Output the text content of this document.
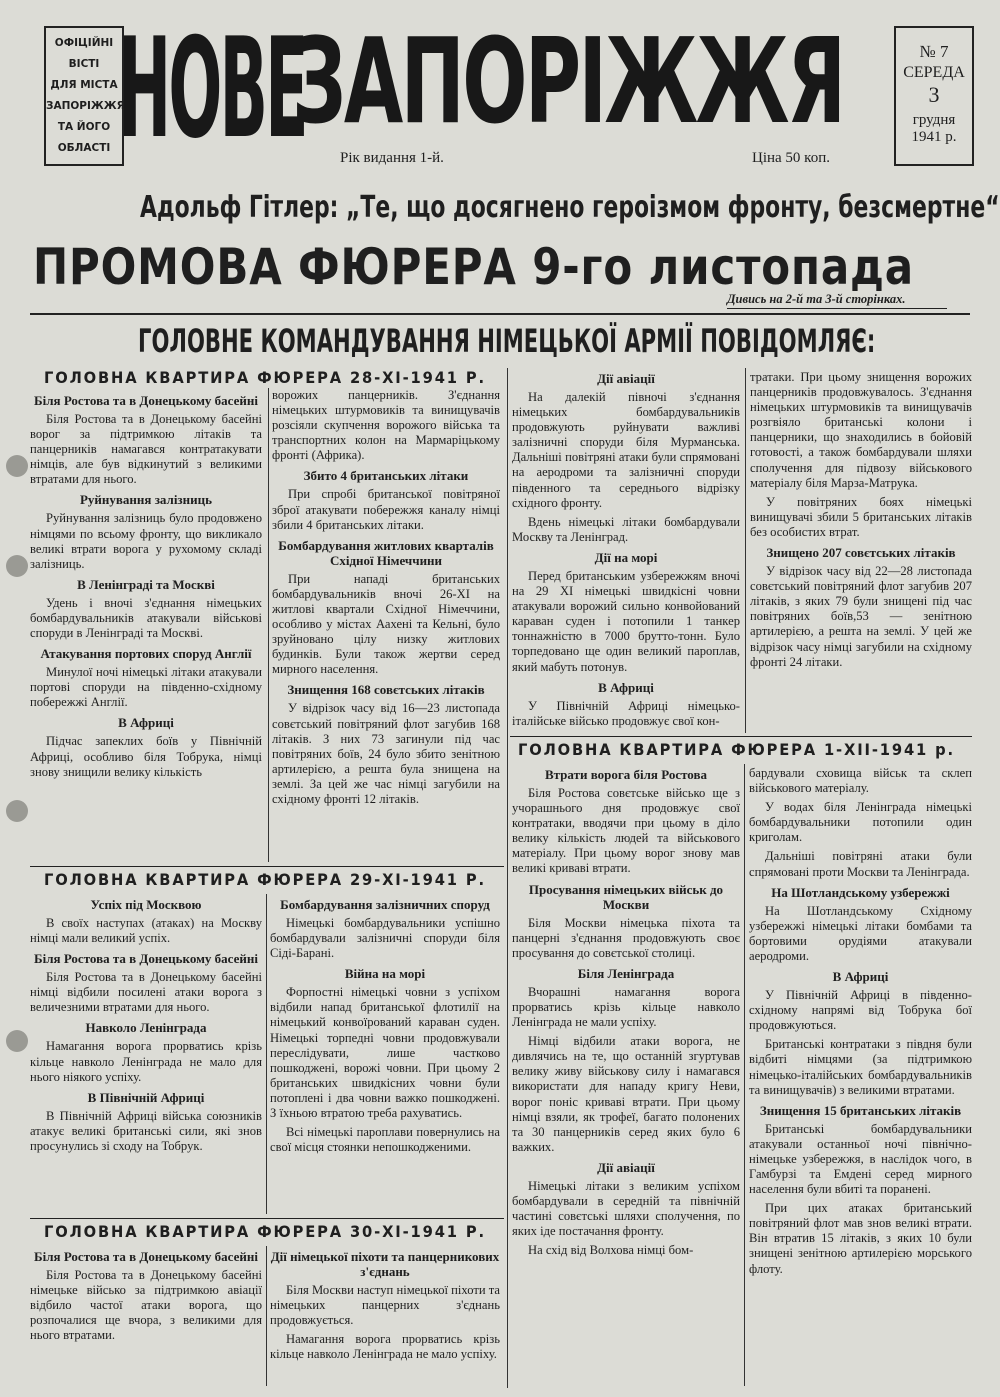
ОФІЦІЙНІ
ВІСТІ
ДЛЯ МІСТА
ЗАПОРІЖЖЯ
ТА ЙОГО
ОБЛАСТІ НОВЕ
ЗАПОРІЖЖЯ
Рік видання 1-й.	Ціна 50 коп.
№ 7
СЕРЕДА
3
грудня
1941 р.
Адольф Гітлер: „Те, що досягнено героізмом фронту, безсмертне“
ПРОМОВА ФЮРЕРА 9-го листопада
Дивись на 2-й та 3-й сторінках.
ГОЛОВНЕ КОМАНДУВАННЯ НІМЕЦЬКОЇ АРМІЇ ПОВІДОМЛЯЄ:
ГОЛОВНА КВАРТИРА ФЮРЕРА 28-ХІ-1941 Р.
Біля Ростова та в Донецькому басейні

Біля Ростова та в Донецькому басейні ворог за підтримкою літаків та панцерників намагався контратакувати німців, але був відкинутий з великими втратами для нього.

Руйнування залізниць

Руйнування залізниць було продовжено німцями по всьому фронту, що викликало великі втрати ворога у рухомому складі залізниць.

В Ленінграді та Москві

Удень і вночі з'єднання німецьких бомбардувальників атакували військові споруди в Ленінграді та Москві.

Атакування портових споруд Англії

Минулої ночі німецькі літаки атакували портові споруди на південно-східному побережжі Англії.

В Африці

Підчас запеклих боїв у Північній Африці, особливо біля Тобрука, німці знову знищили велику кількість

ворожих панцерників. З'єднання німецьких штурмовиків та винищувачів розсіяли скупчення ворожого війська та транспортних колон на Мармаріцькому фронті (Африка).

Збито 4 британських літаки

При спробі британської повітряної зброї атакувати побережжя каналу німці збили 4 британських літаки.

Бомбардування житлових кварталів Східної Німеччини

При нападі британських бомбардувальників вночі 26-ХІ на житлові квартали Східної Німеччини, особливо у містах Аахені та Кельні, було зруйновано цілу низку житлових будинків. Були також жертви серед мирного населення.

Знищення 168 совєтських літаків

У відрізок часу від 16—23 листопада совєтський повітряний флот загубив 168 літаків. З них 73 загинули під час повітряних боїв, 24 було збито зенітною артилерією, а решта була знищена на землі. За цей же час німці загубили на східному фронті 12 літаків.

Дії авіації

На далекій півночі з'єднання німецьких бомбардувальників продовжують руйнувати важливі залізничні споруди біля Мурманська. Дальніші повітряні атаки були спрямовані на аеродроми та залізничні споруди південного та середнього відрізку східного фронту.

Вдень німецькі літаки бомбардували Москву та Ленінград.

Дії на морі

Перед британським узбережжям вночі на 29 ХІ німецькі швидкісні човни атакували ворожий сильно конвойований караван суден і потопили 1 танкер тоннажністю в 7000 брутто-тонн. Було торпедовано ще один великий пароплав, який мабуть потонув.

В Африці

У Північній Африці німецько-італійське військо продовжує свої кон-

тратаки. При цьому знищення ворожих панцерників продовжувалось. З'єднання німецьких штурмовиків та винищувачів розгвіяло британські колони і панцерники, що знаходились в бойовій готовості, а також бомбардували шляхи сполучення для підвозу військового матеріалу біля Марза-Матрука.

У повітряних боях німецькі винищувачі збили 5 британських літаків без особистих втрат.

Знищено 207 совєтських літаків

У відрізок часу від 22—28 листопада совєтський повітряний флот загубив 207 літаків, з яких 79 були знищені під час повітряних боїв,53 — зенітною артилерією, а решта на землі. У цей же відрізок часу німці загубили на східному фронті 24 літаки.

ГОЛОВНА КВАРТИРА ФЮРЕРА 29-ХІ-1941 Р.
Успіх під Москвою

В своїх наступах (атаках) на Москву німці мали великий успіх.

Біля Ростова та в Донецькому басейні

Біля Ростова та в Донецькому басейні німці відбили посилені атаки ворога з величезними втратами для нього.

Навколо Ленінграда

Намагання ворога прорватись крізь кільце навколо Ленінграда не мало для нього ніякого успіху.

В Північній Африці

В Північній Африці війська союзників атакує великі британські сили, які знов просунулись зі сходу на Тобрук.

Бомбардування залізничних споруд

Німецькі бомбардувальники успішно бомбардували залізничні споруди біля Сіді-Барані.

Війна на морі

Форпостні німецькі човни з успіхом відбили напад британської флотилії на німецький конвоїрований караван суден. Німецькі торпедні човни продовжували переслідувати, лише частково пошкоджені, ворожі човни. При цьому 2 британських швидкісних човни були потоплені і два човни важко пошкоджені. З їхньою втратою треба рахуватись.

Всі німецькі пароплави повернулись на свої місця стоянки непошкодженими.

ГОЛОВНА КВАРТИРА ФЮРЕРА 30-ХІ-1941 Р.
Біля Ростова та в Донецькому басейні

Біля Ростова та в Донецькому басейні німецьке військо за підтримкою авіації відбило частої атаки ворога, що розпочалися ще вчора, з великими для нього втратами.

Дії німецької піхоти та панцерникових з'єднань

Біля Москви наступ німецької піхоти та німецьких панцерних з'єднань продовжується.

Намагання ворога прорватись крізь кільце навколо Ленінграда не мало успіху.

ГОЛОВНА КВАРТИРА ФЮРЕРА 1-ХІІ-1941 р.
Втрати ворога біля Ростова

Біля Ростова совєтське військо ще з учорашнього дня продовжує свої контратаки, вводячи при цьому в діло велику кількість людей та військового матеріалу. При цьому ворог знову мав великі криваві втрати.

Просування німецьких військ до Москви

Біля Москви німецька піхота та панцерні з'єднання продовжують своє просування до совєтської столиці.

Біля Ленінграда

Вчорашні намагання ворога прорватись крізь кільце навколо Ленінграда не мали успіху.

Німці відбили атаки ворога, не дивлячись на те, що останній згуртував велику живу військову силу і намагався використати для нападу кригу Неви, ворог поніс криваві втрати. При цьому німці взяли, як трофеї, багато полонених та 30 панцерників серед яких було 6 важких.

Дії авіації

Німецькі літаки з великим успіхом бомбардували в середній та північній частині совєтські шляхи сполучення, по яких іде постачання фронту.

На схід від Волхова німці бом-

бардували сховища військ та склеп військового матеріалу.

У водах біля Ленінграда німецькі бомбардувальники потопили один криголам.

Дальніші повітряні атаки були спрямовані проти Москви та Ленінграда.

На Шотландському узбережжі

На Шотландському Східному узбережжі німецькі літаки бомбами та бортовими орудіями атакували аеродроми.

В Африці

У Північній Африці в південно-східному напрямі від Тобрука бої продовжуються.

Британські контратаки з півдня були відбиті німцями (за підтримкою німецько-італійських бомбардувальників та винищувачів) з великими втратами.

Знищення 15 британських літаків

Британські бомбардувальники атакували останньої ночі північно-німецьке узбережжя, в наслідок чого, в Гамбурзі та Емдені серед мирного населення були вбиті та поранені.

При цих атаках британський повітряний флот мав знов великі втрати. Він втратив 15 літаків, з яких 10 були знищені зенітною артилерією морського флоту.
